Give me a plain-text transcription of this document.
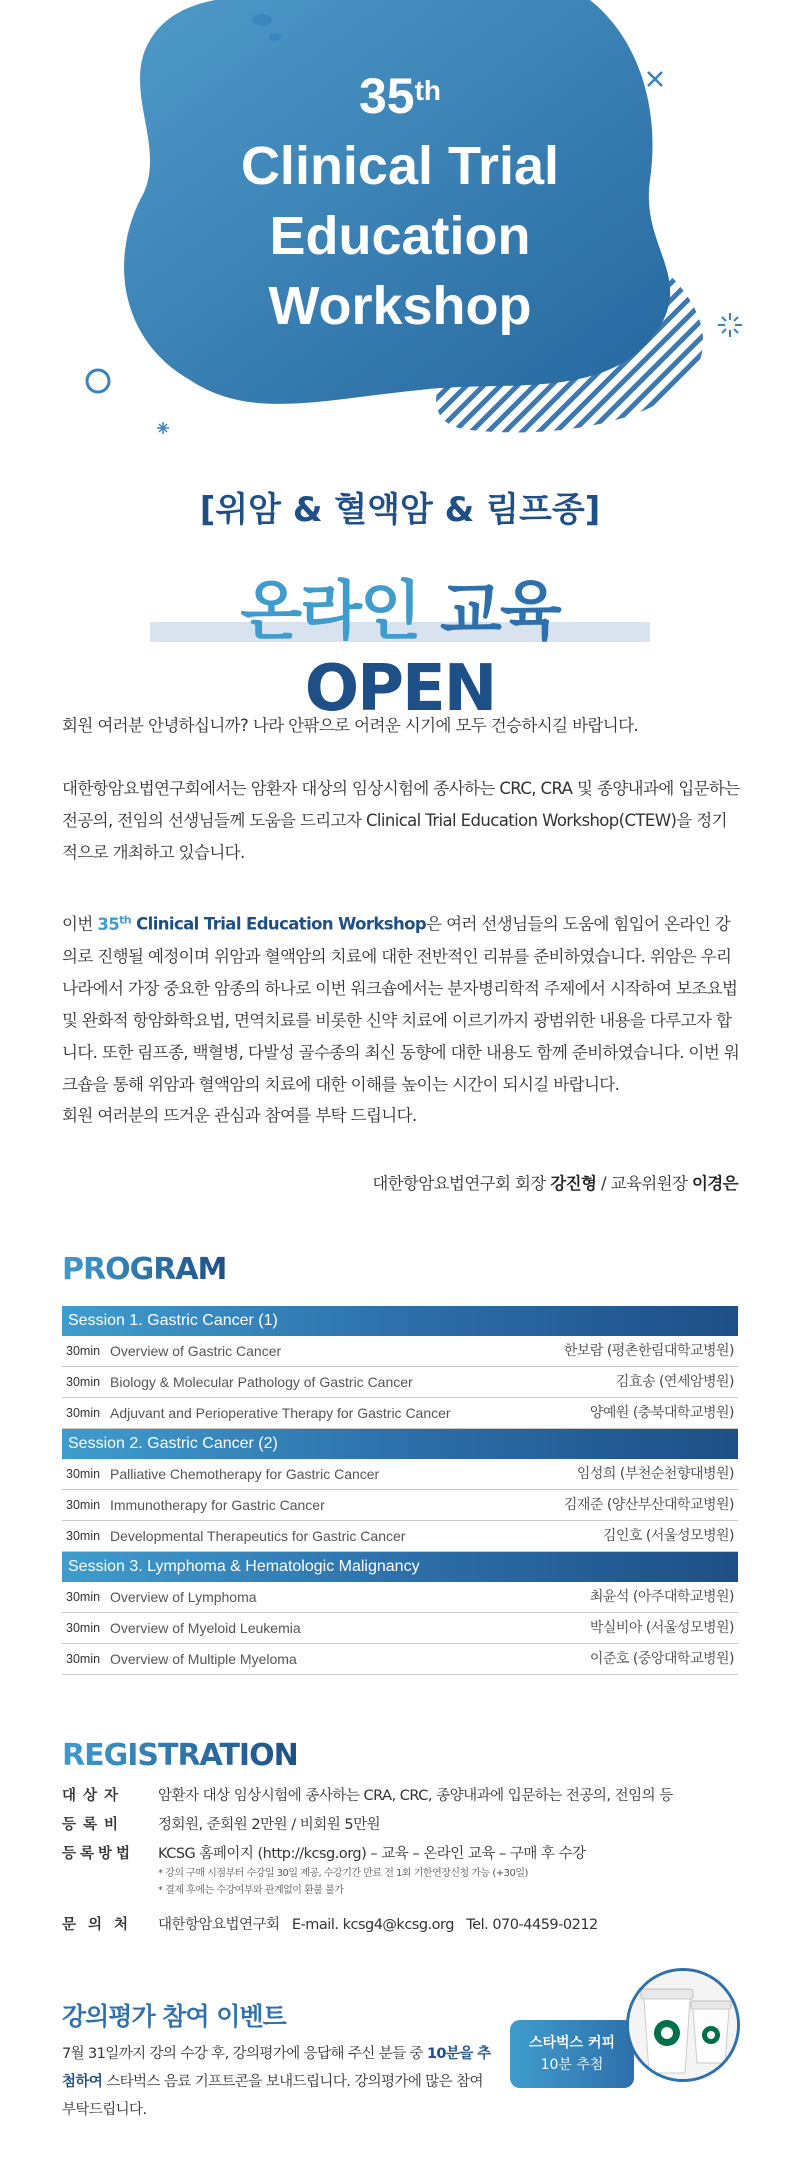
35th
Clinical Trial
Education
Workshop
[위암 & 혈액암 & 림프종]
온라인 교육 OPEN
회원 여러분 안녕하십니까? 나라 안팎으로 어려운 시기에 모두 건승하시길 바랍니다.
대한항암요법연구회에서는 암환자 대상의 임상시험에 종사하는 CRC, CRA 및 종양내과에 입문하는 전공의, 전임의 선생님들께 도움을 드리고자 Clinical Trial Education Workshop(CTEW)을 정기적으로 개최하고 있습니다.
이번 35th Clinical Trial Education Workshop은 여러 선생님들의 도움에 힘입어 온라인 강의로 진행될 예정이며 위암과 혈액암의 치료에 대한 전반적인 리뷰를 준비하였습니다. 위암은 우리나라에서 가장 중요한 암종의 하나로 이번 워크숍에서는 분자병리학적 주제에서 시작하여 보조요법 및 완화적 항암화학요법, 면역치료를 비롯한 신약 치료에 이르기까지 광범위한 내용을 다루고자 합니다. 또한 림프종, 백혈병, 다발성 골수종의 최신 동향에 대한 내용도 함께 준비하였습니다. 이번 워크숍을 통해 위암과 혈액암의 치료에 대한 이해를 높이는 시간이 되시길 바랍니다.
회원 여러분의 뜨거운 관심과 참여를 부탁 드립니다.
대한항암요법연구회 회장 강진형 / 교육위원장 이경은
PROGRAM
Session 1. Gastric Cancer (1)
30min Overview of Gastric Cancer	한보람 (평촌한림대학교병원)
30min Biology & Molecular Pathology of Gastric Cancer	김효송 (연세암병원)
30min Adjuvant and Perioperative Therapy for Gastric Cancer	양예원 (충북대학교병원)
Session 2. Gastric Cancer (2)
30min Palliative Chemotherapy for Gastric Cancer	임성희 (부천순천향대병원)
30min Immunotherapy for Gastric Cancer	김재준 (양산부산대학교병원)
30min Developmental Therapeutics for Gastric Cancer	김인호 (서울성모병원)
Session 3. Lymphoma & Hematologic Malignancy
30min Overview of Lymphoma	최윤석 (아주대학교병원)
30min Overview of Myeloid Leukemia	박실비아 (서울성모병원)
30min Overview of Multiple Myeloma	이준호 (중앙대학교병원)
REGISTRATION
대상자	암환자 대상 임상시험에 종사하는 CRA, CRC, 종양내과에 입문하는 전공의, 전임의 등
등록비	정회원, 준회원 2만원 / 비회원 5만원
등록방법	KCSG 홈페이지 (http://kcsg.org) – 교육 – 온라인 교육 – 구매 후 수강
* 강의 구매 시점부터 수강일 30일 제공, 수강기간 만료 전 1회 기한연장신청 가능 (+30일)
* 결제 후에는 수강여부와 관계없이 환불 불가
문의처	대한항암요법연구회   E-mail. kcsg4@kcsg.org   Tel. 070-4459-0212
강의평가 참여 이벤트
7월 31일까지 강의 수강 후, 강의평가에 응답해 주신 분들 중 10분을 추첨하여 스타벅스 음료 기프트콘을 보내드립니다. 강의평가에 많은 참여 부탁드립니다.
스타벅스 커피
10분 추첨
